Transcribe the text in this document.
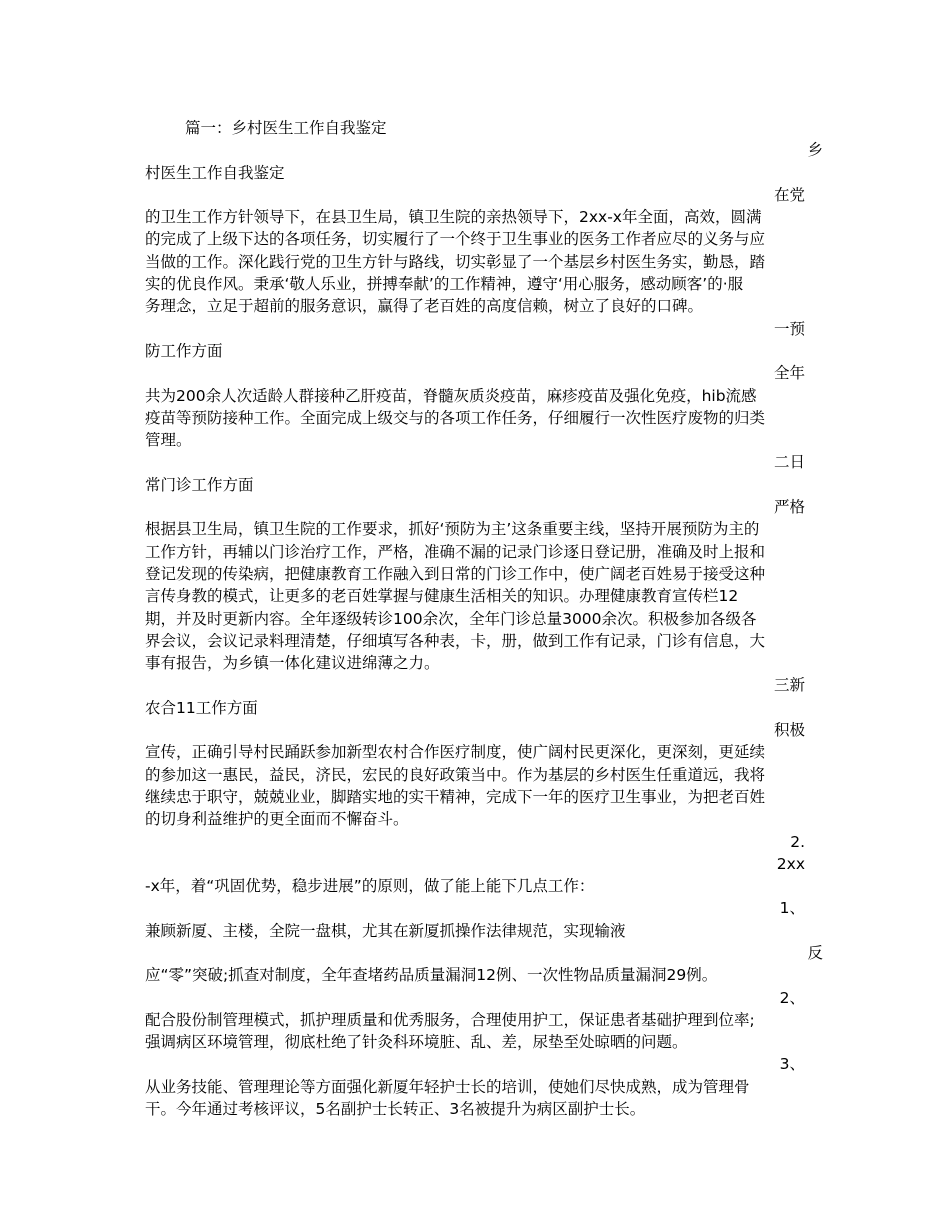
篇一：乡村医生工作自我鉴定
乡
村医生工作自我鉴定
在党
的卫生工作方针领导下，在县卫生局，镇卫生院的亲热领导下，2xx-x年全面，高效，圆满
的完成了上级下达的各项任务，切实履行了一个终于卫生事业的医务工作者应尽的义务与应
当做的工作。深化践行党的卫生方针与路线，切实彰显了一个基层乡村医生务实，勤恳，踏
实的优良作风。秉承‘敬人乐业，拼搏奉献’的工作精神，遵守‘用心服务，感动顾客’的·服
务理念，立足于超前的服务意识，赢得了老百姓的高度信赖，树立了良好的口碑。
一预
防工作方面
全年
共为200余人次适龄人群接种乙肝疫苗，脊髓灰质炎疫苗，麻疹疫苗及强化免疫，hib流感
疫苗等预防接种工作。全面完成上级交与的各项工作任务，仔细履行一次性医疗废物的归类
管理。
二日
常门诊工作方面
严格
根据县卫生局，镇卫生院的工作要求，抓好‘预防为主’这条重要主线，坚持开展预防为主的
工作方针，再辅以门诊治疗工作，严格，准确不漏的记录门诊逐日登记册，准确及时上报和
登记发现的传染病，把健康教育工作融入到日常的门诊工作中，使广阔老百姓易于接受这种
言传身教的模式，让更多的老百姓掌握与健康生活相关的知识。办理健康教育宣传栏12
期，并及时更新内容。全年逐级转诊100余次，全年门诊总量3000余次。积极参加各级各
界会议，会议记录料理清楚，仔细填写各种表，卡，册，做到工作有记录，门诊有信息，大
事有报告，为乡镇一体化建议进绵薄之力。
三新
农合11工作方面
积极
宣传，正确引导村民踊跃参加新型农村合作医疗制度，使广阔村民更深化，更深刻，更延续
的参加这一惠民，益民，济民，宏民的良好政策当中。作为基层的乡村医生任重道远，我将
继续忠于职守，兢兢业业，脚踏实地的实干精神，完成下一年的医疗卫生事业，为把老百姓
的切身利益维护的更全面而不懈奋斗。
2.
2xx
-x年，着“巩固优势，稳步进展”的原则，做了能上能下几点工作：
1、
兼顾新厦、主楼，全院一盘棋，尤其在新厦抓操作法律规范，实现输液
反
应“零”突破;抓查对制度，全年查堵药品质量漏洞12例、一次性物品质量漏洞29例。
2、
配合股份制管理模式，抓护理质量和优秀服务，合理使用护工，保证患者基础护理到位率;
强调病区环境管理，彻底杜绝了针灸科环境脏、乱、差，尿垫至处晾晒的问题。
3、
从业务技能、管理理论等方面强化新厦年轻护士长的培训，使她们尽快成熟，成为管理骨
干。今年通过考核评议，5名副护士长转正、3名被提升为病区副护士长。
